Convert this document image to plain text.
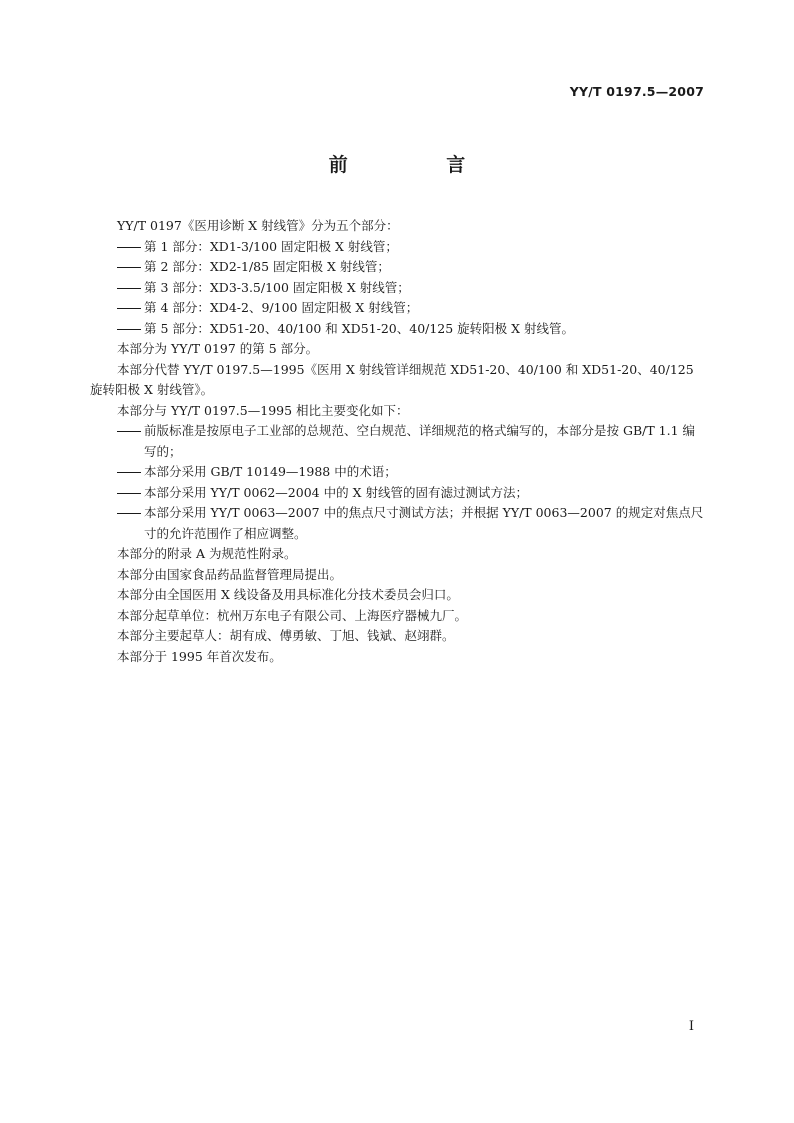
YY/T 0197.5—2007

前 言

YY/T 0197《医用诊断 X 射线管》分为五个部分：

第 1 部分：XD1-3/100 固定阳极 X 射线管；
第 2 部分：XD2-1/85 固定阳极 X 射线管；
第 3 部分：XD3-3.5/100 固定阳极 X 射线管；
第 4 部分：XD4-2、9/100 固定阳极 X 射线管；
第 5 部分：XD51-20、40/100 和 XD51-20、40/125 旋转阳极 X 射线管。

本部分为 YY/T 0197 的第 5 部分。

本部分代替 YY/T 0197.5—1995《医用 X 射线管详细规范 XD51-20、40/100 和 XD51-20、40/125 旋转阳极 X 射线管》。

本部分与 YY/T 0197.5—1995 相比主要变化如下：

前版标准是按原电子工业部的总规范、空白规范、详细规范的格式编写的，本部分是按 GB/T 1.1 编写的；
本部分采用 GB/T 10149—1988 中的术语；
本部分采用 YY/T 0062—2004 中的 X 射线管的固有滤过测试方法；
本部分采用 YY/T 0063—2007 中的焦点尺寸测试方法；并根据 YY/T 0063—2007 的规定对焦点尺寸的允许范围作了相应调整。

本部分的附录 A 为规范性附录。

本部分由国家食品药品监督管理局提出。

本部分由全国医用 X 线设备及用具标准化分技术委员会归口。

本部分起草单位：杭州万东电子有限公司、上海医疗器械九厂。

本部分主要起草人：胡有成、傅勇敏、丁旭、钱斌、赵翊群。

本部分于 1995 年首次发布。

I
